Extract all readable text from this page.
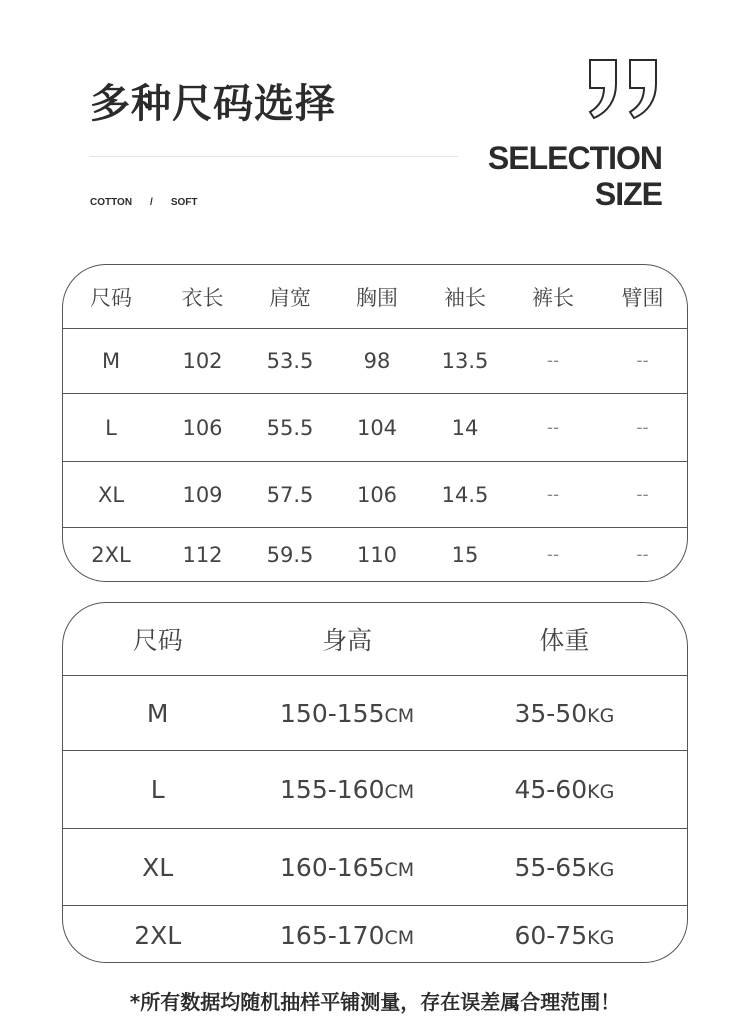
多种尺码选择
COTTON / SOFT
SELECTION
SIZE
尺码	衣长	肩宽	胸围	袖长	裤长	臂围
M	102	53.5	98	13.5	--	--
L	106	55.5	104	14	--	--
XL	109	57.5	106	14.5	--	--
2XL	112	59.5	110	15	--	--
尺码	身高	体重
M	150-155CM	35-50KG
L	155-160CM	45-60KG
XL	160-165CM	55-65KG
2XL	165-170CM	60-75KG
*所有数据均随机抽样平铺测量，存在误差属合理范围！
